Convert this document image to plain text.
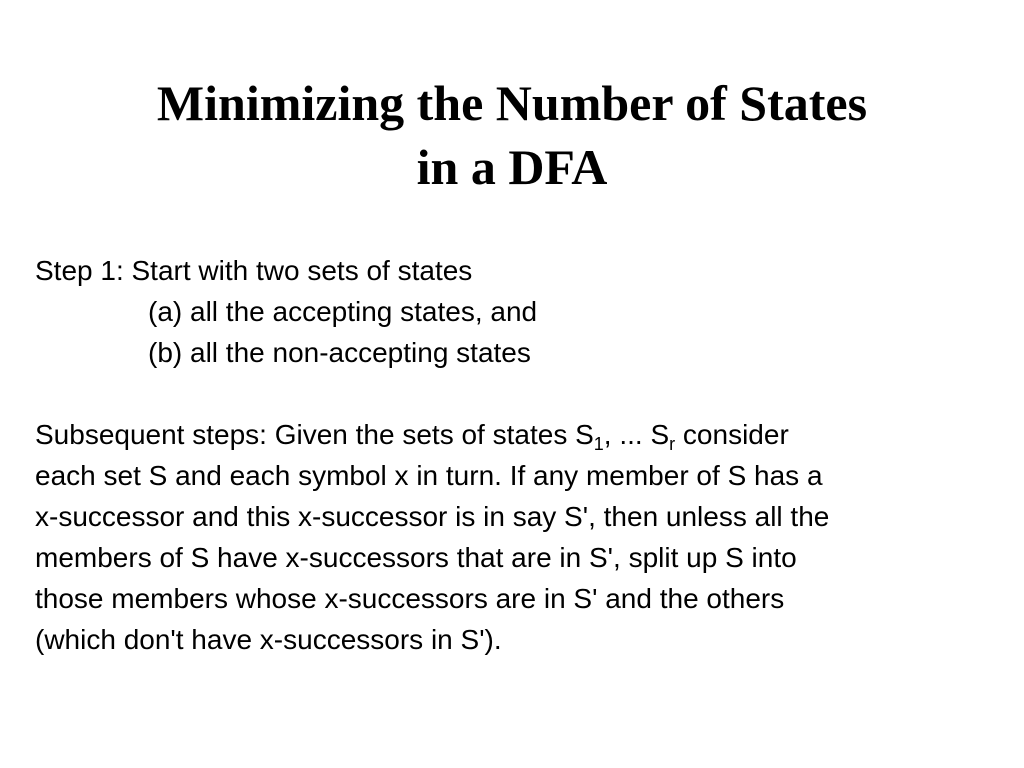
Minimizing the Number of States
in a DFA
Step 1: Start with two sets of states
(a) all the accepting states, and
(b) all the non-accepting states
Subsequent steps: Given the sets of states $S_1$, ... $S_r$ consider
each set S and each symbol x in turn. If any member of S has a
x-successor and this x-successor is in say S', then unless all the
members of S have x-successors that are in S', split up S into
those members whose x-successors are in S' and the others
(which don't have x-successors in S').
